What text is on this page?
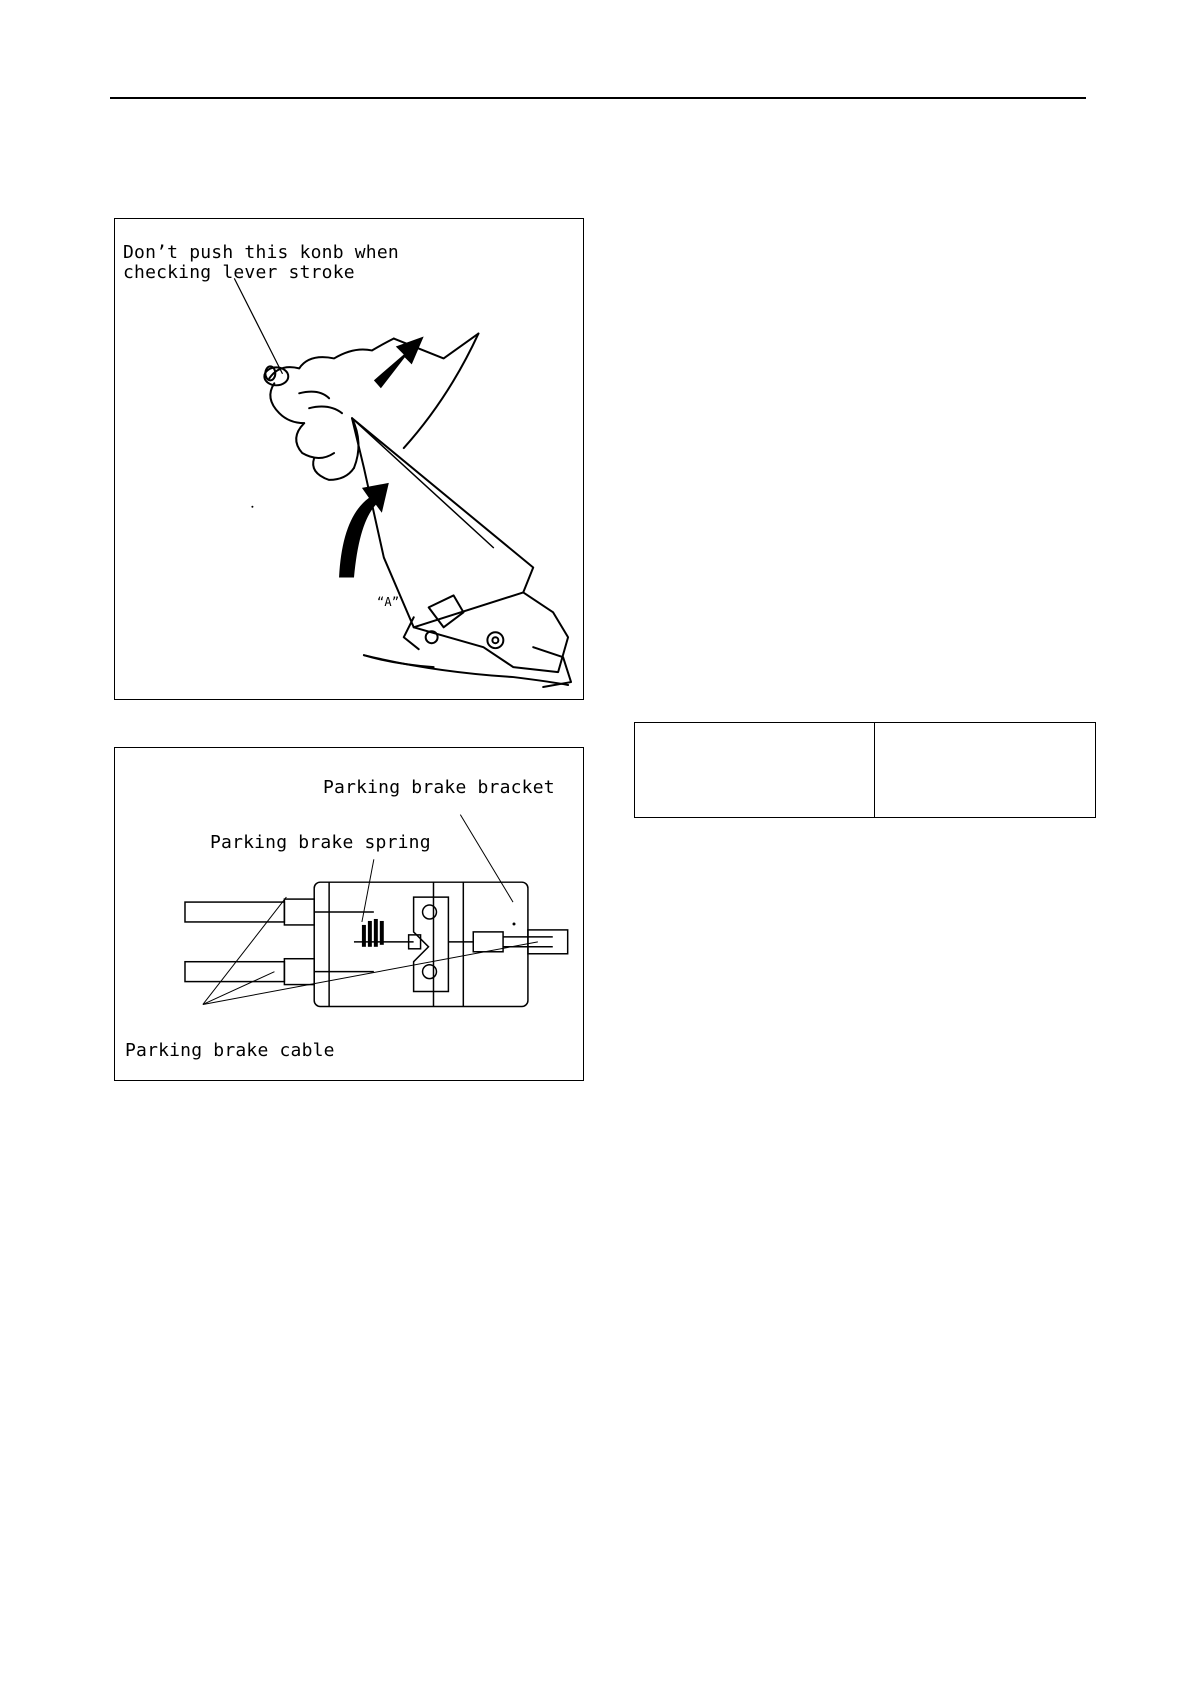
Don’t push this konb when
checking lever stroke
“A”
Parking brake bracket
Parking brake spring
Parking brake cable
